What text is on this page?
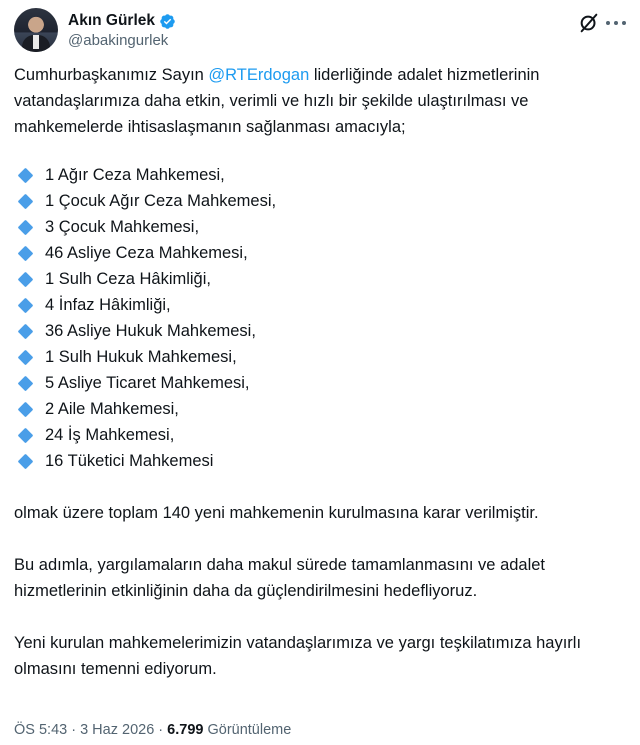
Akın Gürlek
@abakingurlek

Cumhurbaşkanımız Sayın @RTErdogan liderliğinde adalet hizmetlerinin vatandaşlarımıza daha etkin, verimli ve hızlı bir şekilde ulaştırılması ve mahkemelerde ihtisaslaşmanın sağlanması amacıyla;

1 Ağır Ceza Mahkemesi,
1 Çocuk Ağır Ceza Mahkemesi,
3 Çocuk Mahkemesi,
46 Asliye Ceza Mahkemesi,
1 Sulh Ceza Hâkimliği,
4 İnfaz Hâkimliği,
36 Asliye Hukuk Mahkemesi,
1 Sulh Hukuk Mahkemesi,
5 Asliye Ticaret Mahkemesi,
2 Aile Mahkemesi,
24 İş Mahkemesi,
16 Tüketici Mahkemesi

olmak üzere toplam 140 yeni mahkemenin kurulmasına karar verilmiştir.

Bu adımla, yargılamaların daha makul sürede tamamlanmasını ve adalet hizmetlerinin etkinliğinin daha da güçlendirilmesini hedefliyoruz.

Yeni kurulan mahkemelerimizin vatandaşlarımıza ve yargı teşkilatımıza hayırlı olmasını temenni ediyorum.

ÖS 5:43 · 3 Haz 2026 · 6.799 Görüntüleme
